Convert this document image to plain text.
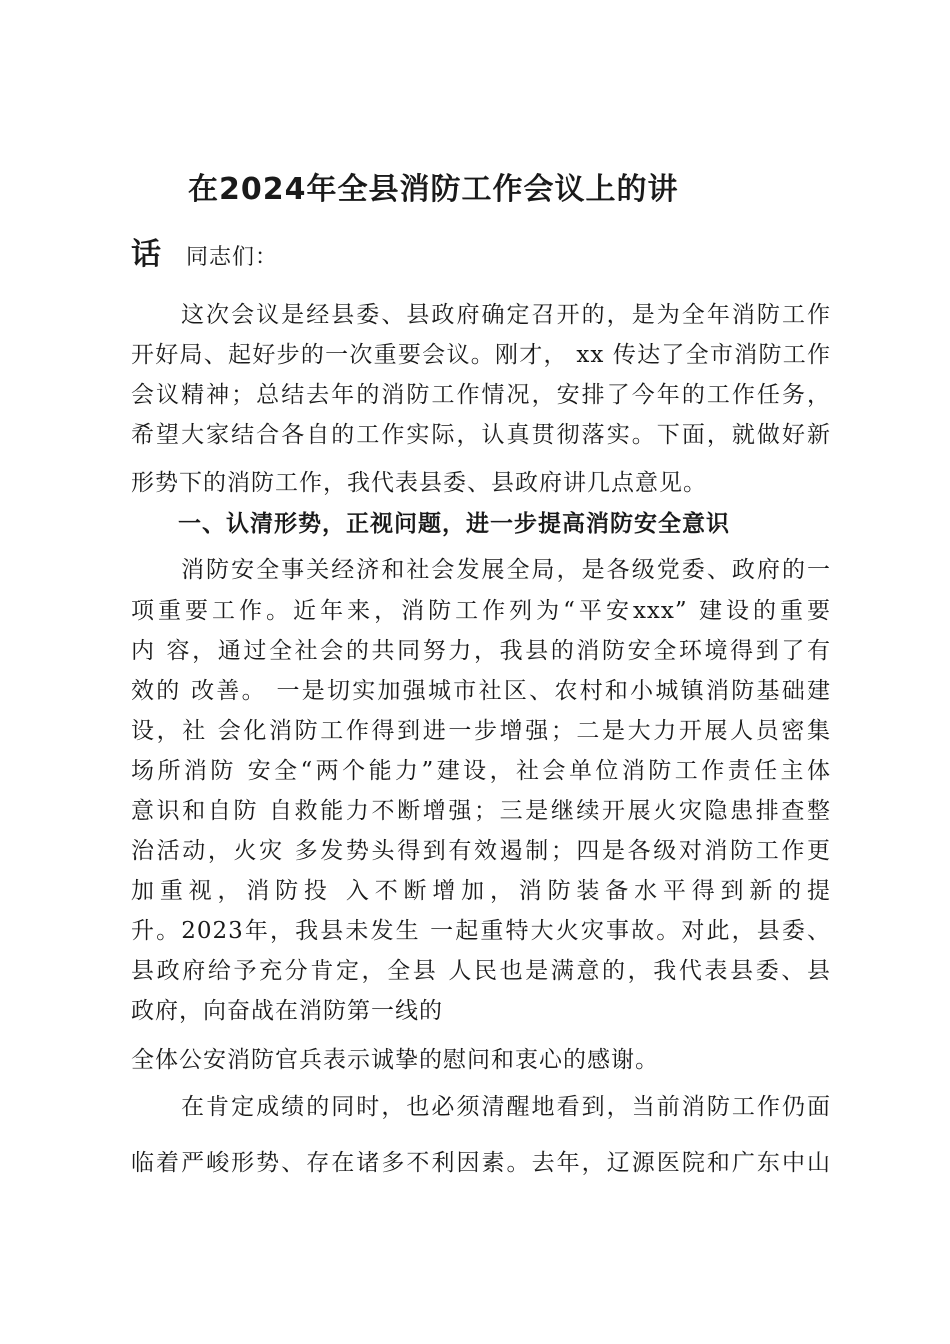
在2024年全县消防工作会议上的讲
话 同志们：
这次会议是经县委、县政府确定召开的，是为全年消防工作
开好局、起好步的一次重要会议。刚才， xx 传达了全市消防工作
会议精神；总结去年的消防工作情况，安排了今年的工作任务，
希望大家结合各自的工作实际，认真贯彻落实。下面，就做好新
形势下的消防工作，我代表县委、县政府讲几点意见。
一、认清形势，正视问题，进一步提高消防安全意识
消防安全事关经济和社会发展全局，是各级党委、政府的一
项重要工作。近年来，消防工作列为“平安xxx” 建设的重要
内 容，通过全社会的共同努力，我县的消防安全环境得到了有
效的 改善。 一是切实加强城市社区、农村和小城镇消防基础建
设，社 会化消防工作得到进一步增强；二是大力开展人员密集
场所消防 安全“两个能力”建设，社会单位消防工作责任主体
意识和自防 自救能力不断增强；三是继续开展火灾隐患排查整
治活动，火灾 多发势头得到有效遏制；四是各级对消防工作更
加重视，消防投 入不断增加，消防装备水平得到新的提
升。2023年，我县未发生 一起重特大火灾事故。对此，县委、
县政府给予充分肯定，全县 人民也是满意的，我代表县委、县
政府，向奋战在消防第一线的
全体公安消防官兵表示诚挚的慰问和衷心的感谢。
在肯定成绩的同时，也必须清醒地看到，当前消防工作仍面
临着严峻形势、存在诸多不利因素。去年，辽源医院和广东中山
